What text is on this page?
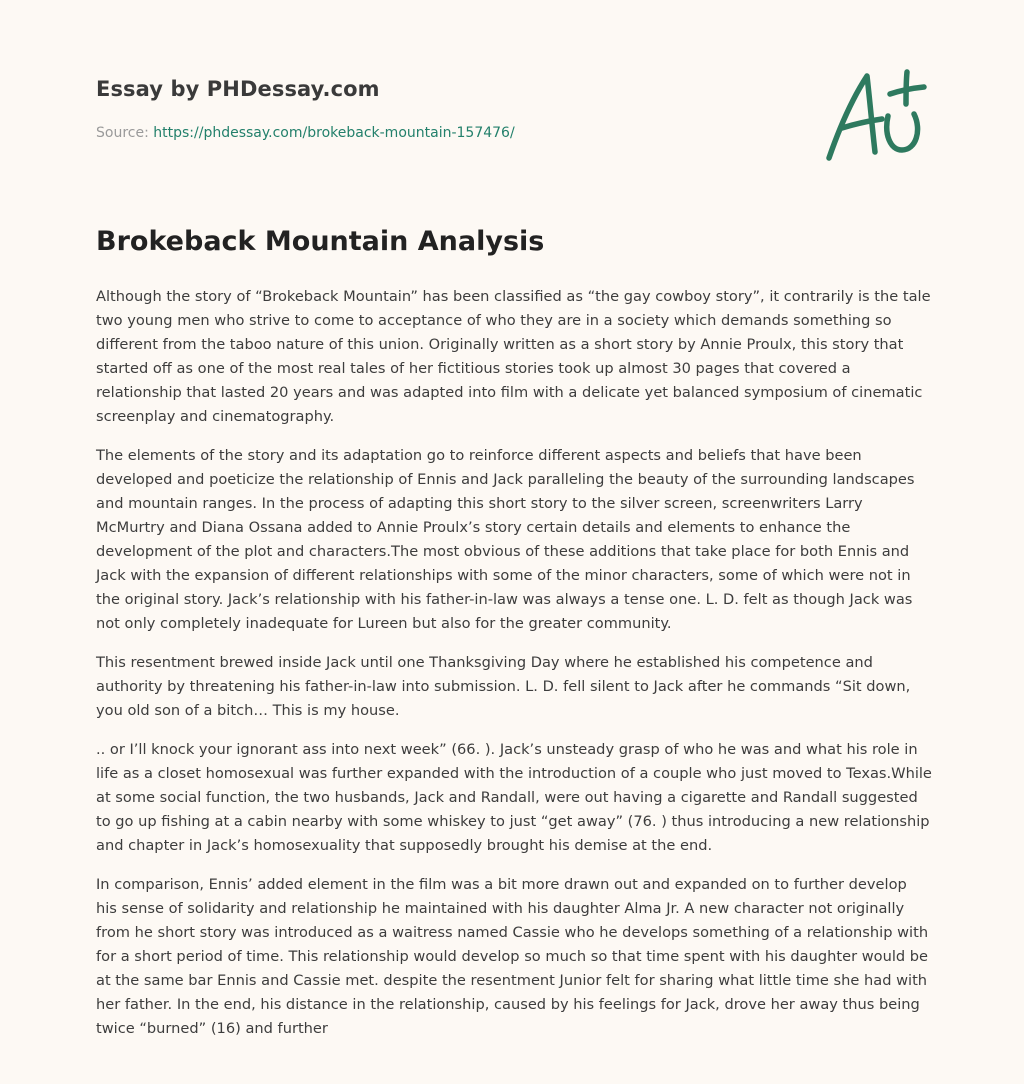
Essay by PHDessay.com
Source: https://phdessay.com/brokeback-mountain-157476/
Brokeback Mountain Analysis

Although the story of “Brokeback Mountain” has been classified as “the gay cowboy story”, it contrarily is the tale two young men who strive to come to acceptance of who they are in a society which demands something so different from the taboo nature of this union. Originally written as a short story by Annie Proulx, this story that started off as one of the most real tales of her fictitious stories took up almost 30 pages that covered a relationship that lasted 20 years and was adapted into film with a delicate yet balanced symposium of cinematic screenplay and cinematography.

The elements of the story and its adaptation go to reinforce different aspects and beliefs that have been developed and poeticize the relationship of Ennis and Jack paralleling the beauty of the surrounding landscapes and mountain ranges. In the process of adapting this short story to the silver screen, screenwriters Larry McMurtry and Diana Ossana added to Annie Proulx’s story certain details and elements to enhance the development of the plot and characters.The most obvious of these additions that take place for both Ennis and Jack with the expansion of different relationships with some of the minor characters, some of which were not in the original story. Jack’s relationship with his father-in-law was always a tense one. L. D. felt as though Jack was not only completely inadequate for Lureen but also for the greater community.

This resentment brewed inside Jack until one Thanksgiving Day where he established his competence and authority by threatening his father-in-law into submission. L. D. fell silent to Jack after he commands “Sit down, you old son of a bitch… This is my house.

.. or I’ll knock your ignorant ass into next week” (66. ). Jack’s unsteady grasp of who he was and what his role in life as a closet homosexual was further expanded with the introduction of a couple who just moved to Texas.While at some social function, the two husbands, Jack and Randall, were out having a cigarette and Randall suggested to go up fishing at a cabin nearby with some whiskey to just “get away” (76. ) thus introducing a new relationship and chapter in Jack’s homosexuality that supposedly brought his demise at the end.

In comparison, Ennis’ added element in the film was a bit more drawn out and expanded on to further develop his sense of solidarity and relationship he maintained with his daughter Alma Jr. A new character not originally from he short story was introduced as a waitress named Cassie who he develops something of a relationship with for a short period of time. This relationship would develop so much so that time spent with his daughter would be at the same bar Ennis and Cassie met. despite the resentment Junior felt for sharing what little time she had with her father. In the end, his distance in the relationship, caused by his feelings for Jack, drove her away thus being twice “burned” (16) and further
